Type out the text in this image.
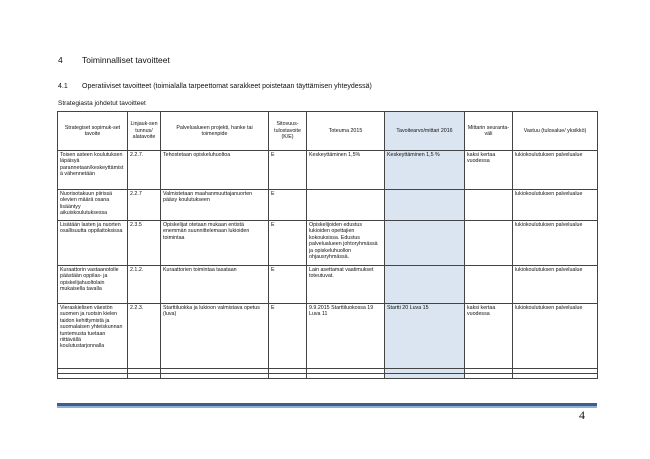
4 Toiminnalliset tavoitteet
4.1 Operatiiviset tavoitteet (toimialalla tarpeettomat sarakkeet poistetaan täyttämisen yhteydessä)
Strategiasta johdetut tavoitteet
Strategiset sopimuk-set tavoite	Linjauk-sen tunnus/ alatavoite	Palvelualueen projekti, hanke tai toimenpide	Sitovuus-tulostavoite (K/E)	Toteuma 2015	Tavoitearvo/mittari 2016	Mittarin seuranta-väli	Vastuu (tulosalue/ yksikkö)
Toisen asteen koulutuksen läpäisyä parannetaan/keskeyttämistä vähennetään	2.2.7.	Tehostetaan opiskeluhuoltoa	E	Keskeyttäminen 1,5%	Keskeyttäminen 1,5 %	kaksi kertaa vuodessa	lukiokoulutuksen palvelualue
Nuorisotakuun piirissä olevien määrä osana lisääntyy aikuiskoulutuksessa	2.2.7	Valmistetaan maahanmuuttajanuorten pääsy koulutukseen	E				lukiokoulutuksen palvelualue
Lisätään lasten ja nuorten osallisuutta oppilaitoksissa	2.3.5	Opiskelijat otetaan mukaan entistä enemmän suunnittelemaan lukioiden toimintaa	E	Opiskelijoiden edustus lukioiden opettajien kokouksissa. Edustus palvelualueen johtoryhmässä ja opiskeluhuollon ohjausryhmässä.			lukiokoulutuksen palvelualue
Kuraattorin vastaanotolle päästään oppilas- ja opiskelijahuoltolain mukaisella tavalla	2.1.2.	Kuraattorien toimintaa tasataan	E	Lain asettamat vaatimukset toteutuvat.			lukiokoulutuksen palvelualue
Vieraskielisen väestön suomen ja ruotsin kielen taidon kehittymistä ja suomalaisen yhteiskunnan tuntemusta tuetaan riittävällä koulutustarjonnalla	2.2.3.	Starttiluokka ja lukioon valmistava opetus (luva)	E	9.9.2015 Starttiluokossa 19 Luva 11	Startti 20 Luva 15	kaksi kertaa vuodessa	lukiokoulutuksen palvelualue

4
